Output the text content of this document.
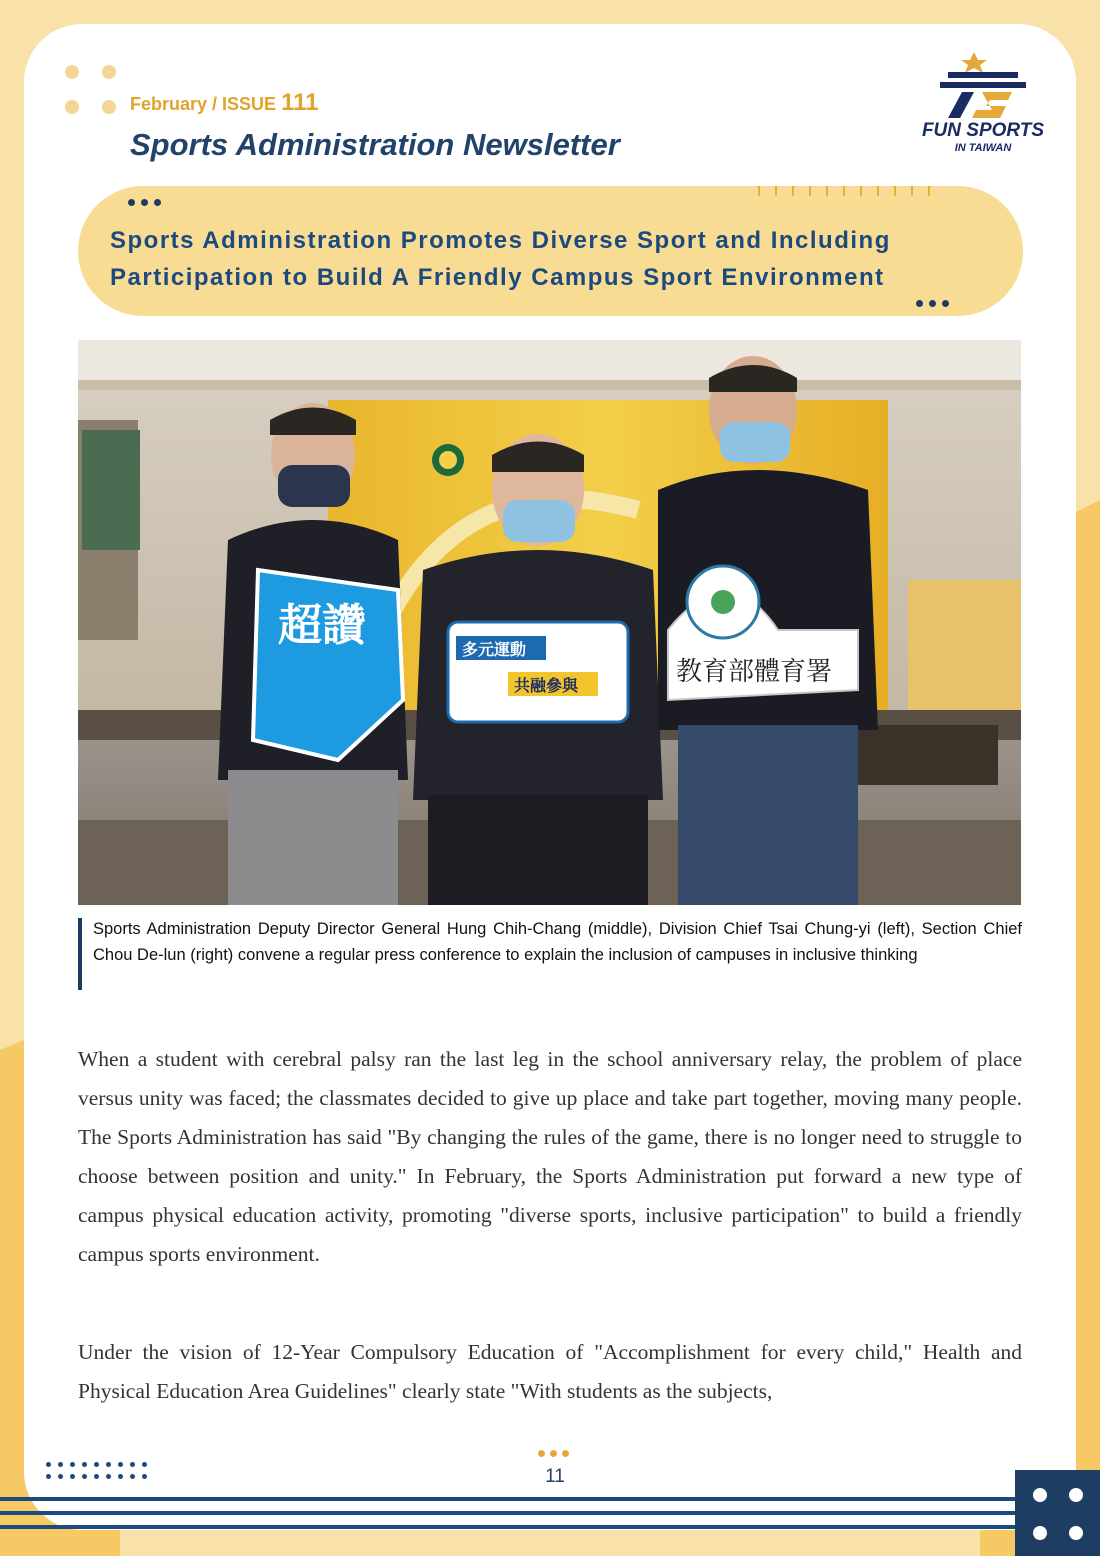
February / ISSUE 111
Sports Administration Newsletter	FUN SPORTS
IN TAIWAN
Sports Administration Promotes Diverse Sport and Including Participation to Build A Friendly Campus Sport Environment
超讚	多元運動
共融參與	教育部體育署
Sports Administration Deputy Director General Hung Chih-Chang (middle), Division Chief Tsai Chung-yi (left), Section Chief Chou De-lun (right) convene a regular press conference to explain the inclusion of campuses in inclusive thinking
When a student with cerebral palsy ran the last leg in the school anniversary relay, the problem of place versus unity was faced; the classmates decided to give up place and take part together, moving many people. The Sports Administration has said "By changing the rules of the game, there is no longer need to struggle to choose between position and unity." In February, the Sports Administration put forward a new type of campus physical education activity, promoting "diverse sports, inclusive participation" to build a friendly campus sports environment.
Under the vision of 12-Year Compulsory Education of "Accomplishment for every child," Health and Physical Education Area Guidelines" clearly state "With students as the subjects,
11
